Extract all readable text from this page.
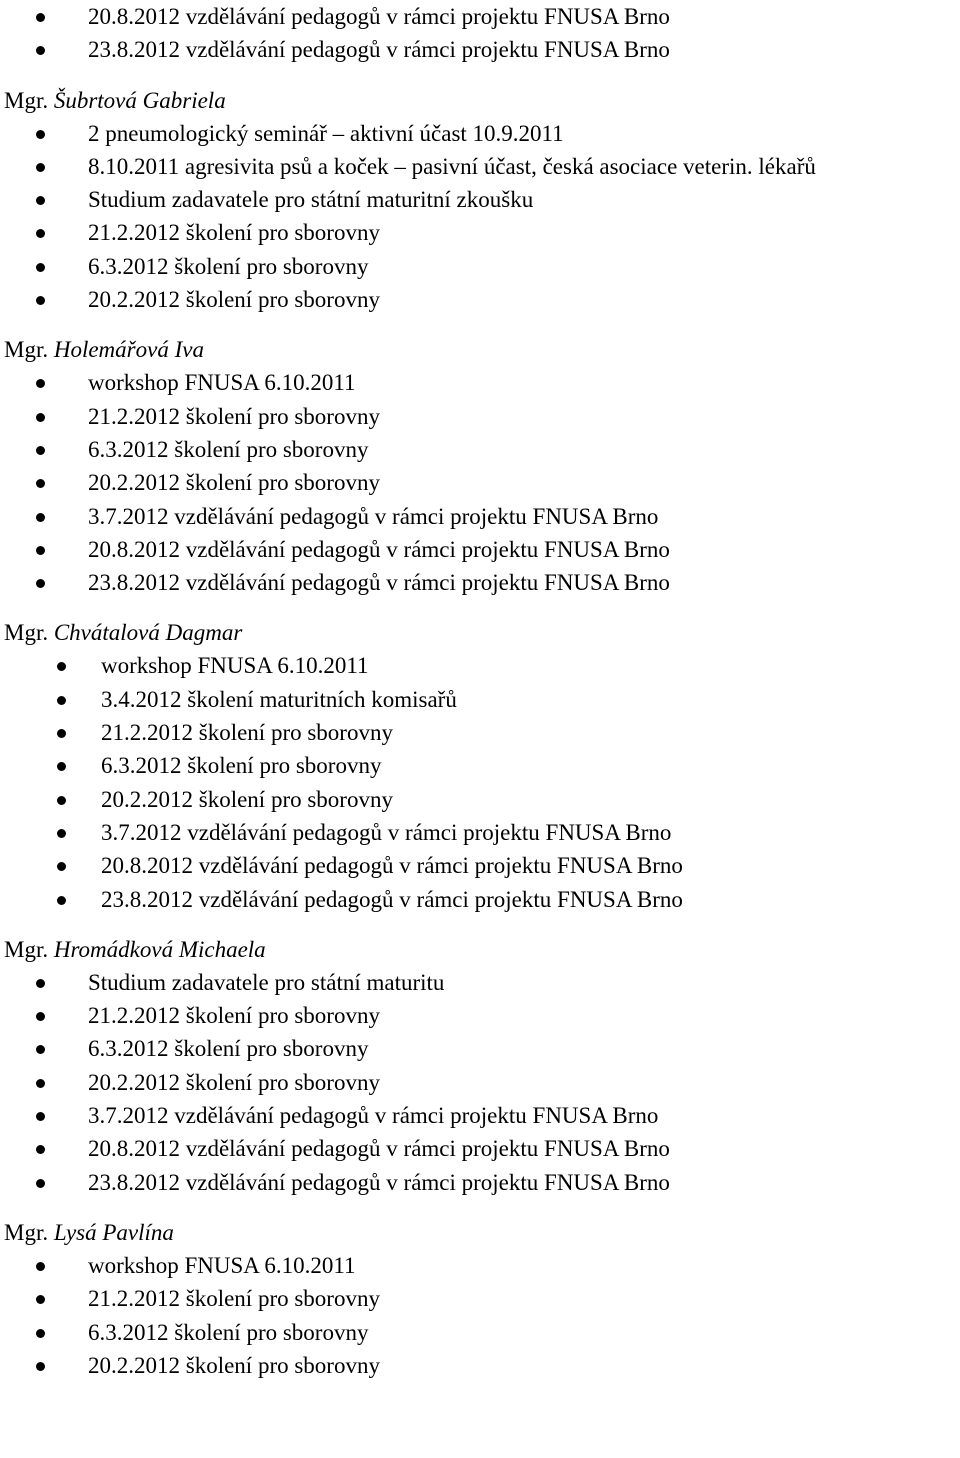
20.8.2012 vzdělávání pedagogů v rámci projektu FNUSA Brno
23.8.2012 vzdělávání pedagogů v rámci projektu FNUSA Brno
Mgr. Šubrtová Gabriela
2 pneumologický seminář – aktivní účast 10.9.2011
8.10.2011 agresivita psů a koček – pasivní účast, česká asociace veterin. lékařů
Studium zadavatele pro státní maturitní zkoušku
21.2.2012 školení pro sborovny
6.3.2012 školení pro sborovny
20.2.2012 školení pro sborovny
Mgr. Holemářová Iva
workshop FNUSA 6.10.2011
21.2.2012 školení pro sborovny
6.3.2012 školení pro sborovny
20.2.2012 školení pro sborovny
3.7.2012 vzdělávání pedagogů v rámci projektu FNUSA Brno
20.8.2012 vzdělávání pedagogů v rámci projektu FNUSA Brno
23.8.2012 vzdělávání pedagogů v rámci projektu FNUSA Brno
Mgr. Chvátalová Dagmar
workshop FNUSA 6.10.2011
3.4.2012 školení maturitních komisařů
21.2.2012 školení pro sborovny
6.3.2012 školení pro sborovny
20.2.2012 školení pro sborovny
3.7.2012 vzdělávání pedagogů v rámci projektu FNUSA Brno
20.8.2012 vzdělávání pedagogů v rámci projektu FNUSA Brno
23.8.2012 vzdělávání pedagogů v rámci projektu FNUSA Brno
Mgr. Hromádková Michaela
Studium zadavatele pro státní maturitu
21.2.2012 školení pro sborovny
6.3.2012 školení pro sborovny
20.2.2012 školení pro sborovny
3.7.2012 vzdělávání pedagogů v rámci projektu FNUSA Brno
20.8.2012 vzdělávání pedagogů v rámci projektu FNUSA Brno
23.8.2012 vzdělávání pedagogů v rámci projektu FNUSA Brno
Mgr. Lysá Pavlína
workshop FNUSA 6.10.2011
21.2.2012 školení pro sborovny
6.3.2012 školení pro sborovny
20.2.2012 školení pro sborovny
